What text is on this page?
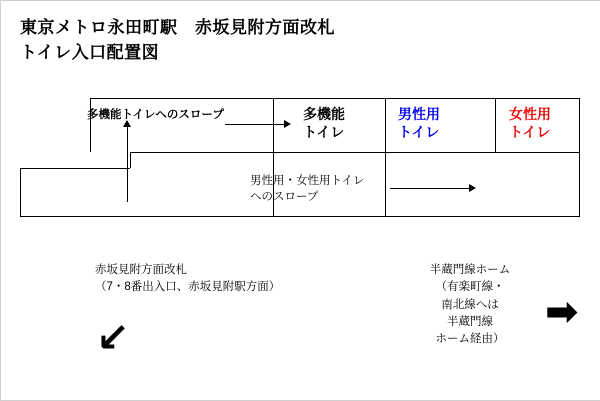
東京メトロ永田町駅　赤坂見附方面改札
トイレ入口配置図
多機能
トイレ
男性用
トイレ
女性用
トイレ
多機能トイレへのスロープ
男性用・女性用トイレ
へのスロープ
赤坂見附方面改札
（7・8番出入口、赤坂見附駅方面）
↙
半蔵門線ホーム
（有楽町線・
南北線へは
半蔵門線
ホーム経由）
➡
